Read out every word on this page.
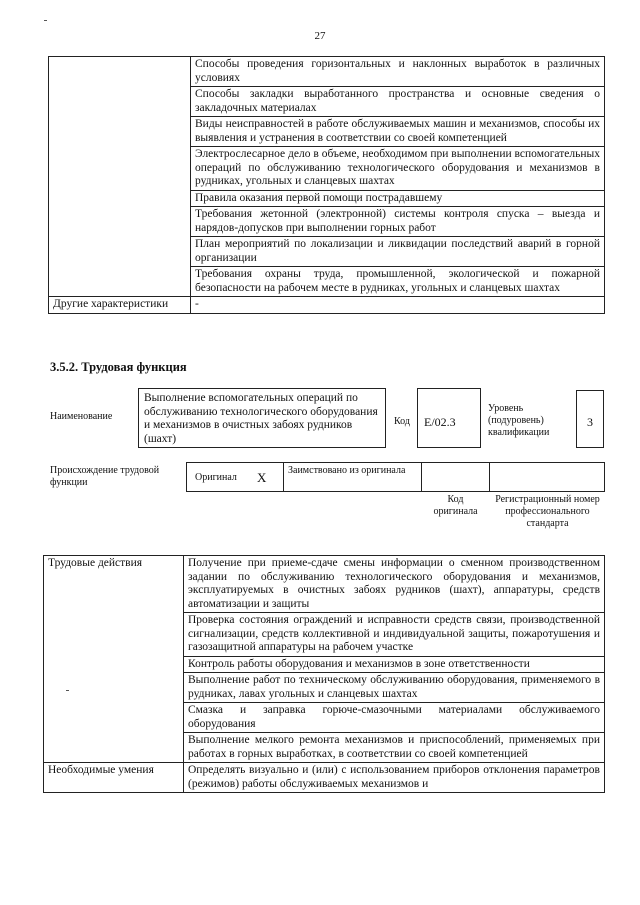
27
	Способы проведения горизонтальных и наклонных выработок в различных условиях
	Способы закладки выработанного пространства и основные сведения о закладочных материалах
	Виды неисправностей в работе обслуживаемых машин и механизмов, способы их выявления и устранения в соответствии со своей компетенцией
	Электрослесарное дело в объеме, необходимом при выполнении вспомогательных операций по обслуживанию технологического оборудования и механизмов в рудниках, угольных и сланцевых шахтах
	Правила оказания первой помощи пострадавшему
	Требования жетонной (электронной) системы контроля спуска – выезда и нарядов-допусков при выполнении горных работ
	План мероприятий по локализации и ликвидации последствий аварий в горной организации
	Требования охраны труда, промышленной, экологической и пожарной безопасности на рабочем месте в рудниках, угольных и сланцевых шахтах
Другие характеристики	-
3.5.2. Трудовая функция
Наименование
Выполнение вспомогательных операций по обслуживанию технологического оборудования и механизмов в очистных забоях рудников (шахт)
Код E/02.3
Уровень (подуровень) квалификации
3
Происхождение трудовой функции	Оригинал X	Заимствовано из оригинала
Код оригинала
Регистрационный номер профессионального стандарта
Трудовые действия	Получение при приеме-сдаче смены информации о сменном производственном задании по обслуживанию технологического оборудования и механизмов, эксплуатируемых в очистных забоях рудников (шахт), аппаратуры, средств автоматизации и защиты
	Проверка состояния ограждений и исправности средств связи, производственной сигнализации, средств коллективной и индивидуальной защиты, пожаротушения и газозащитной аппаратуры на рабочем участке
	Контроль работы оборудования и механизмов в зоне ответственности
	Выполнение работ по техническому обслуживанию оборудования, применяемого в рудниках, лавах угольных и сланцевых шахтах
	Смазка и заправка горюче-смазочными материалами обслуживаемого оборудования
	Выполнение мелкого ремонта механизмов и приспособлений, применяемых при работах в горных выработках, в соответствии со своей компетенцией
Необходимые умения	Определять визуально и (или) с использованием приборов отклонения параметров (режимов) работы обслуживаемых механизмов и
